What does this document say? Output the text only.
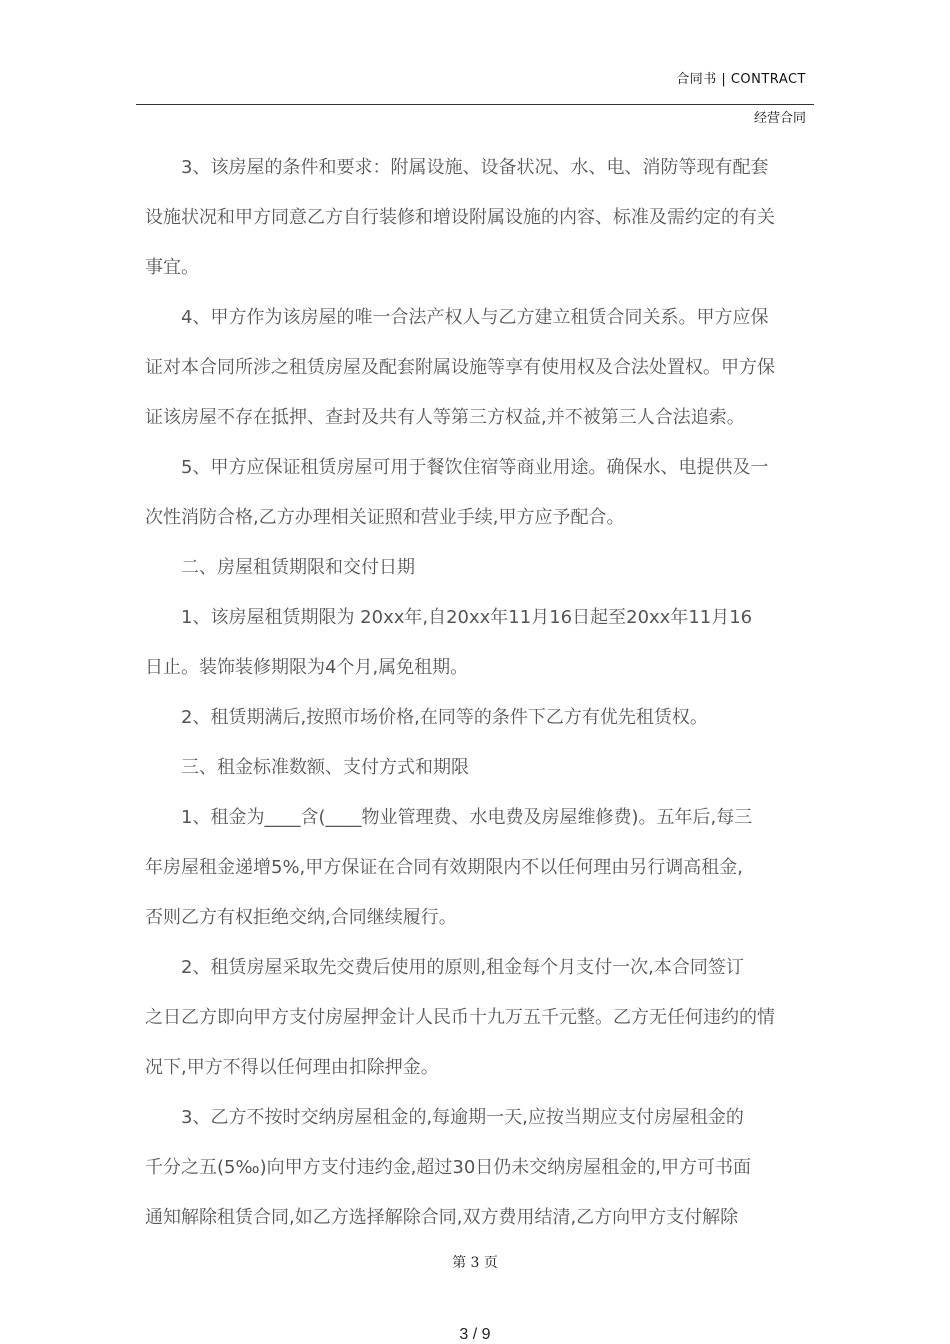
合同书 | CONTRACT
经营合同
3、该房屋的条件和要求：附属设施、设备状况、水、电、消防等现有配套
设施状况和甲方同意乙方自行装修和增设附属设施的内容、标准及需约定的有关
事宜。
4、甲方作为该房屋的唯一合法产权人与乙方建立租赁合同关系。甲方应保
证对本合同所涉之租赁房屋及配套附属设施等享有使用权及合法处置权。甲方保
证该房屋不存在抵押、查封及共有人等第三方权益,并不被第三人合法追索。
5、甲方应保证租赁房屋可用于餐饮住宿等商业用途。确保水、电提供及一
次性消防合格,乙方办理相关证照和营业手续,甲方应予配合。
二、房屋租赁期限和交付日期
1、该房屋租赁期限为 20xx年,自20xx年11月16日起至20xx年11月16
日止。装饰装修期限为4个月,属免租期。
2、租赁期满后,按照市场价格,在同等的条件下乙方有优先租赁权。
三、租金标准数额、支付方式和期限
1、租金为____含(____物业管理费、水电费及房屋维修费)。五年后,每三
年房屋租金递增5%,甲方保证在合同有效期限内不以任何理由另行调高租金,
否则乙方有权拒绝交纳,合同继续履行。
2、租赁房屋采取先交费后使用的原则,租金每个月支付一次,本合同签订
之日乙方即向甲方支付房屋押金计人民币十九万五千元整。乙方无任何违约的情
况下,甲方不得以任何理由扣除押金。
3、乙方不按时交纳房屋租金的,每逾期一天,应按当期应支付房屋租金的
千分之五(5‰)向甲方支付违约金,超过30日仍未交纳房屋租金的,甲方可书面
通知解除租赁合同,如乙方选择解除合同,双方费用结清,乙方向甲方支付解除
第 3 页
3 / 9
